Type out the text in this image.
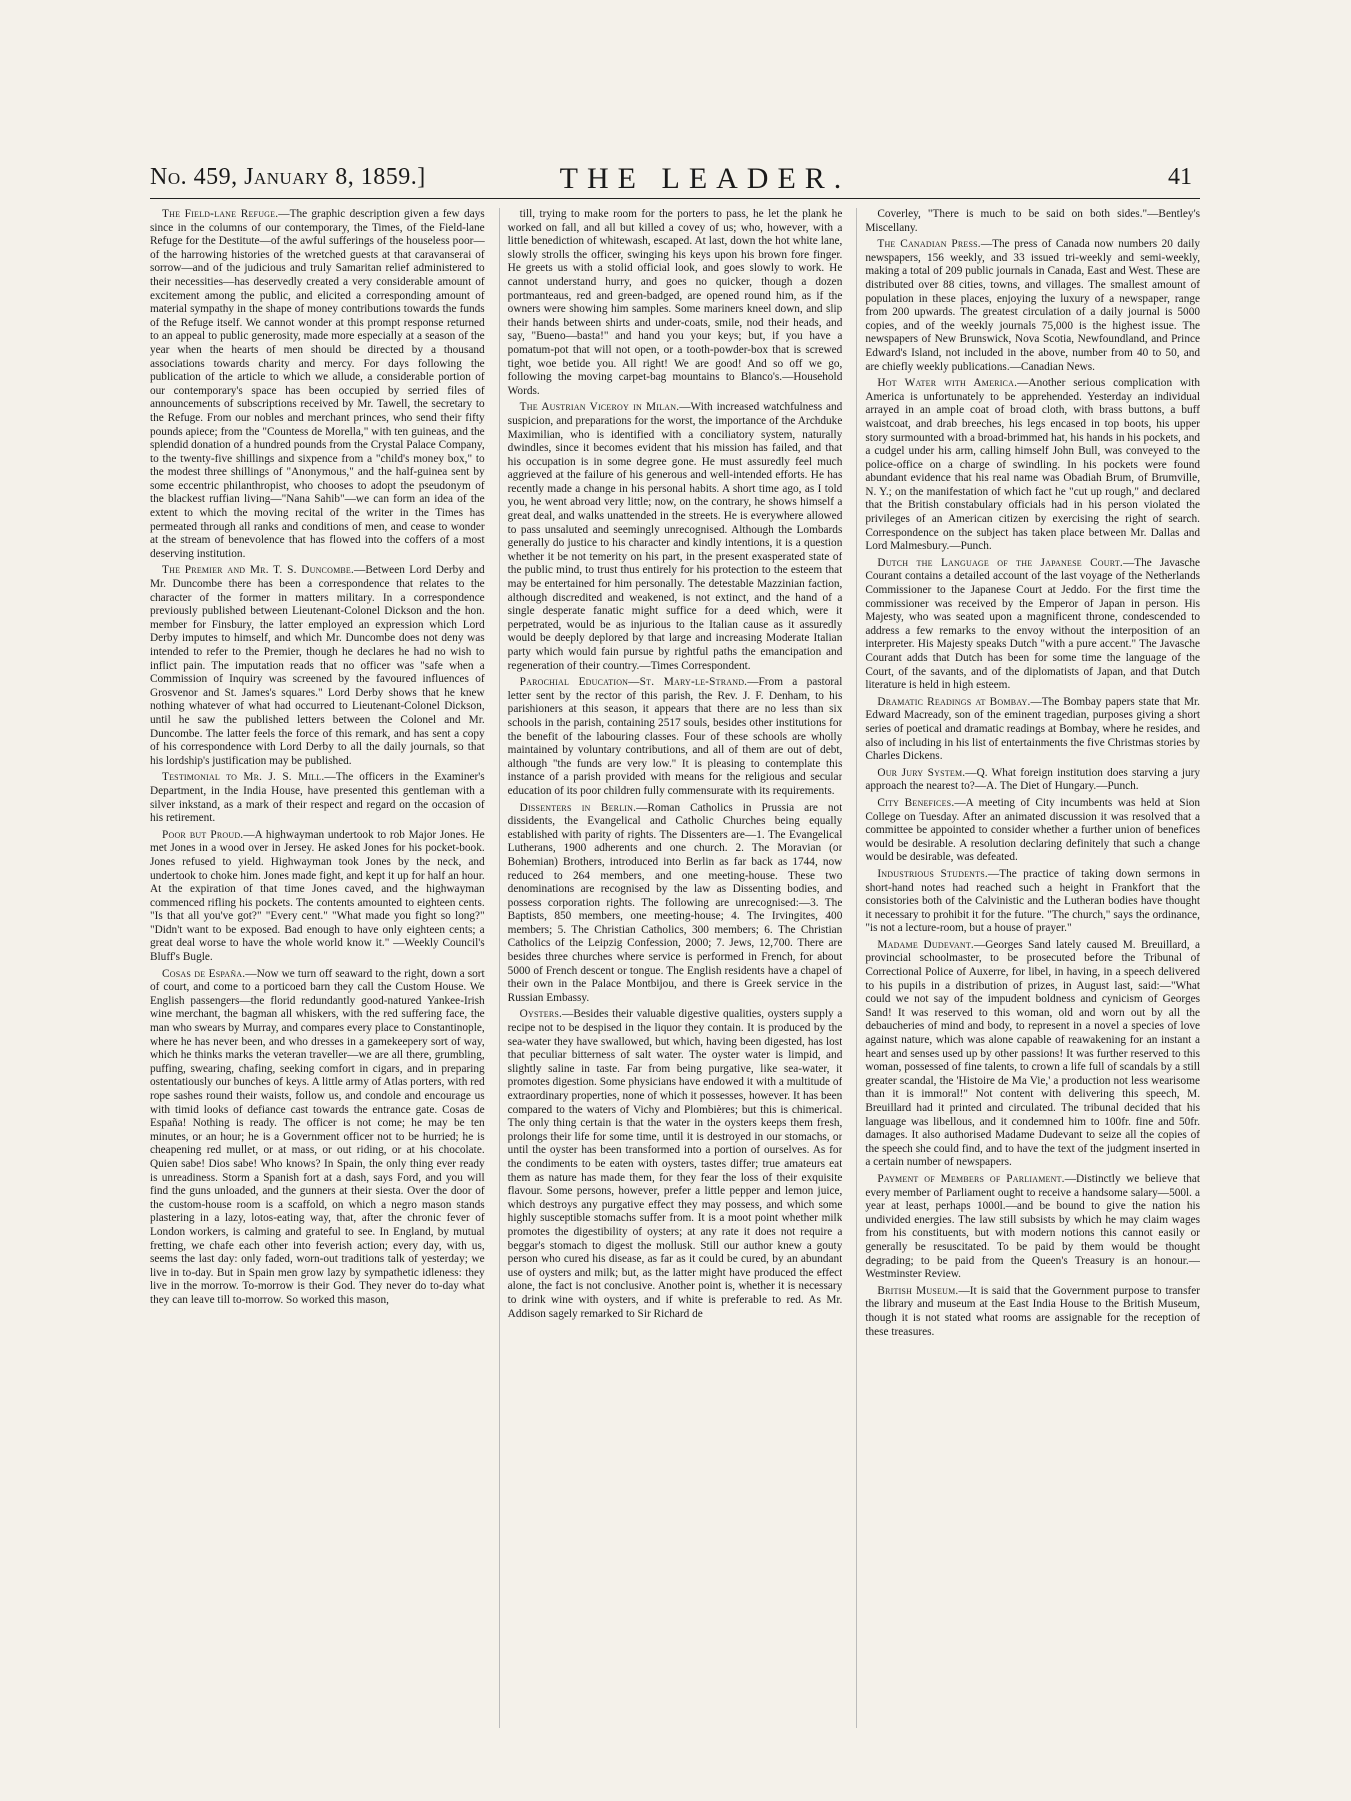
No. 459, January 8, 1859.]	THE LEADER.	41

The Field-lane Refuge.—The graphic description given a few days since in the columns of our contemporary, the Times, of the Field-lane Refuge for the Destitute—of the awful sufferings of the houseless poor—of the harrowing histories of the wretched guests at that caravanserai of sorrow—and of the judicious and truly Samaritan relief administered to their necessities—has deservedly created a very considerable amount of excitement among the public, and elicited a corresponding amount of material sympathy in the shape of money contributions towards the funds of the Refuge itself. We cannot wonder at this prompt response returned to an appeal to public generosity, made more especially at a season of the year when the hearts of men should be directed by a thousand associations towards charity and mercy. For days following the publication of the article to which we allude, a considerable portion of our contemporary's space has been occupied by serried files of announcements of subscriptions received by Mr. Tawell, the secretary to the Refuge. From our nobles and merchant princes, who send their fifty pounds apiece; from the "Countess de Morella," with ten guineas, and the splendid donation of a hundred pounds from the Crystal Palace Company, to the twenty-five shillings and sixpence from a "child's money box," to the modest three shillings of "Anonymous," and the half-guinea sent by some eccentric philanthropist, who chooses to adopt the pseudonym of the blackest ruffian living—"Nana Sahib"—we can form an idea of the extent to which the moving recital of the writer in the Times has permeated through all ranks and conditions of men, and cease to wonder at the stream of benevolence that has flowed into the coffers of a most deserving institution.

The Premier and Mr. T. S. Duncombe.—Between Lord Derby and Mr. Duncombe there has been a correspondence that relates to the character of the former in matters military. In a correspondence previously published between Lieutenant-Colonel Dickson and the hon. member for Finsbury, the latter employed an expression which Lord Derby imputes to himself, and which Mr. Duncombe does not deny was intended to refer to the Premier, though he declares he had no wish to inflict pain. The imputation reads that no officer was "safe when a Commission of Inquiry was screened by the favoured influences of Grosvenor and St. James's squares." Lord Derby shows that he knew nothing whatever of what had occurred to Lieutenant-Colonel Dickson, until he saw the published letters between the Colonel and Mr. Duncombe. The latter feels the force of this remark, and has sent a copy of his correspondence with Lord Derby to all the daily journals, so that his lordship's justification may be published.

Testimonial to Mr. J. S. Mill.—The officers in the Examiner's Department, in the India House, have presented this gentleman with a silver inkstand, as a mark of their respect and regard on the occasion of his retirement.

Poor but Proud.—A highwayman undertook to rob Major Jones. He met Jones in a wood over in Jersey. He asked Jones for his pocket-book. Jones refused to yield. Highwayman took Jones by the neck, and undertook to choke him. Jones made fight, and kept it up for half an hour. At the expiration of that time Jones caved, and the highwayman commenced rifling his pockets. The contents amounted to eighteen cents. "Is that all you've got?" "Every cent." "What made you fight so long?" "Didn't want to be exposed. Bad enough to have only eighteen cents; a great deal worse to have the whole world know it." —Weekly Council's Bluff's Bugle.

Cosas de España.—Now we turn off seaward to the right, down a sort of court, and come to a porticoed barn they call the Custom House. We English passengers—the florid redundantly good-natured Yankee-Irish wine merchant, the bagman all whiskers, with the red suffering face, the man who swears by Murray, and compares every place to Constantinople, where he has never been, and who dresses in a gamekeepery sort of way, which he thinks marks the veteran traveller—we are all there, grumbling, puffing, swearing, chafing, seeking comfort in cigars, and in preparing ostentatiously our bunches of keys. A little army of Atlas porters, with red rope sashes round their waists, follow us, and condole and encourage us with timid looks of defiance cast towards the entrance gate. Cosas de España! Nothing is ready. The officer is not come; he may be ten minutes, or an hour; he is a Government officer not to be hurried; he is cheapening red mullet, or at mass, or out riding, or at his chocolate. Quien sabe! Dios sabe! Who knows? In Spain, the only thing ever ready is unreadiness. Storm a Spanish fort at a dash, says Ford, and you will find the guns unloaded, and the gunners at their siesta. Over the door of the custom-house room is a scaffold, on which a negro mason stands plastering in a lazy, lotos-eating way, that, after the chronic fever of London workers, is calming and grateful to see. In England, by mutual fretting, we chafe each other into feverish action; every day, with us, seems the last day: only faded, worn-out traditions talk of yesterday; we live in to-day. But in Spain men grow lazy by sympathetic idleness: they live in the morrow. To-morrow is their God. They never do to-day what they can leave till to-morrow. So worked this mason,

till, trying to make room for the porters to pass, he let the plank he worked on fall, and all but killed a covey of us; who, however, with a little benediction of whitewash, escaped. At last, down the hot white lane, slowly strolls the officer, swinging his keys upon his brown fore finger. He greets us with a stolid official look, and goes slowly to work. He cannot understand hurry, and goes no quicker, though a dozen portmanteaus, red and green-badged, are opened round him, as if the owners were showing him samples. Some mariners kneel down, and slip their hands between shirts and under-coats, smile, nod their heads, and say, "Bueno—basta!" and hand you your keys; but, if you have a pomatum-pot that will not open, or a tooth-powder-box that is screwed tight, woe betide you. All right! We are good! And so off we go, following the moving carpet-bag mountains to Blanco's.—Household Words.

The Austrian Viceroy in Milan.—With increased watchfulness and suspicion, and preparations for the worst, the importance of the Archduke Maximilian, who is identified with a conciliatory system, naturally dwindles, since it becomes evident that his mission has failed, and that his occupation is in some degree gone. He must assuredly feel much aggrieved at the failure of his generous and well-intended efforts. He has recently made a change in his personal habits. A short time ago, as I told you, he went abroad very little; now, on the contrary, he shows himself a great deal, and walks unattended in the streets. He is everywhere allowed to pass unsaluted and seemingly unrecognised. Although the Lombards generally do justice to his character and kindly intentions, it is a question whether it be not temerity on his part, in the present exasperated state of the public mind, to trust thus entirely for his protection to the esteem that may be entertained for him personally. The detestable Mazzinian faction, although discredited and weakened, is not extinct, and the hand of a single desperate fanatic might suffice for a deed which, were it perpetrated, would be as injurious to the Italian cause as it assuredly would be deeply deplored by that large and increasing Moderate Italian party which would fain pursue by rightful paths the emancipation and regeneration of their country.—Times Correspondent.

Parochial Education—St. Mary-le-Strand.—From a pastoral letter sent by the rector of this parish, the Rev. J. F. Denham, to his parishioners at this season, it appears that there are no less than six schools in the parish, containing 2517 souls, besides other institutions for the benefit of the labouring classes. Four of these schools are wholly maintained by voluntary contributions, and all of them are out of debt, although "the funds are very low." It is pleasing to contemplate this instance of a parish provided with means for the religious and secular education of its poor children fully commensurate with its requirements.

Dissenters in Berlin.—Roman Catholics in Prussia are not dissidents, the Evangelical and Catholic Churches being equally established with parity of rights. The Dissenters are—1. The Evangelical Lutherans, 1900 adherents and one church. 2. The Moravian (or Bohemian) Brothers, introduced into Berlin as far back as 1744, now reduced to 264 members, and one meeting-house. These two denominations are recognised by the law as Dissenting bodies, and possess corporation rights. The following are unrecognised:—3. The Baptists, 850 members, one meeting-house; 4. The Irvingites, 400 members; 5. The Christian Catholics, 300 members; 6. The Christian Catholics of the Leipzig Confession, 2000; 7. Jews, 12,700. There are besides three churches where service is performed in French, for about 5000 of French descent or tongue. The English residents have a chapel of their own in the Palace Montbijou, and there is Greek service in the Russian Embassy.

Oysters.—Besides their valuable digestive qualities, oysters supply a recipe not to be despised in the liquor they contain. It is produced by the sea-water they have swallowed, but which, having been digested, has lost that peculiar bitterness of salt water. The oyster water is limpid, and slightly saline in taste. Far from being purgative, like sea-water, it promotes digestion. Some physicians have endowed it with a multitude of extraordinary properties, none of which it possesses, however. It has been compared to the waters of Vichy and Plombières; but this is chimerical. The only thing certain is that the water in the oysters keeps them fresh, prolongs their life for some time, until it is destroyed in our stomachs, or until the oyster has been transformed into a portion of ourselves. As for the condiments to be eaten with oysters, tastes differ; true amateurs eat them as nature has made them, for they fear the loss of their exquisite flavour. Some persons, however, prefer a little pepper and lemon juice, which destroys any purgative effect they may possess, and which some highly susceptible stomachs suffer from. It is a moot point whether milk promotes the digestibility of oysters; at any rate it does not require a beggar's stomach to digest the mollusk. Still our author knew a gouty person who cured his disease, as far as it could be cured, by an abundant use of oysters and milk; but, as the latter might have produced the effect alone, the fact is not conclusive. Another point is, whether it is necessary to drink wine with oysters, and if white is preferable to red. As Mr. Addison sagely remarked to Sir Richard de

Coverley, "There is much to be said on both sides."—Bentley's Miscellany.

The Canadian Press.—The press of Canada now numbers 20 daily newspapers, 156 weekly, and 33 issued tri-weekly and semi-weekly, making a total of 209 public journals in Canada, East and West. These are distributed over 88 cities, towns, and villages. The smallest amount of population in these places, enjoying the luxury of a newspaper, range from 200 upwards. The greatest circulation of a daily journal is 5000 copies, and of the weekly journals 75,000 is the highest issue. The newspapers of New Brunswick, Nova Scotia, Newfoundland, and Prince Edward's Island, not included in the above, number from 40 to 50, and are chiefly weekly publications.—Canadian News.

Hot Water with America.—Another serious complication with America is unfortunately to be apprehended. Yesterday an individual arrayed in an ample coat of broad cloth, with brass buttons, a buff waistcoat, and drab breeches, his legs encased in top boots, his upper story surmounted with a broad-brimmed hat, his hands in his pockets, and a cudgel under his arm, calling himself John Bull, was conveyed to the police-office on a charge of swindling. In his pockets were found abundant evidence that his real name was Obadiah Brum, of Brumville, N. Y.; on the manifestation of which fact he "cut up rough," and declared that the British constabulary officials had in his person violated the privileges of an American citizen by exercising the right of search. Correspondence on the subject has taken place between Mr. Dallas and Lord Malmesbury.—Punch.

Dutch the Language of the Japanese Court.—The Javasche Courant contains a detailed account of the last voyage of the Netherlands Commissioner to the Japanese Court at Jeddo. For the first time the commissioner was received by the Emperor of Japan in person. His Majesty, who was seated upon a magnificent throne, condescended to address a few remarks to the envoy without the interposition of an interpreter. His Majesty speaks Dutch "with a pure accent." The Javasche Courant adds that Dutch has been for some time the language of the Court, of the savants, and of the diplomatists of Japan, and that Dutch literature is held in high esteem.

Dramatic Readings at Bombay.—The Bombay papers state that Mr. Edward Macready, son of the eminent tragedian, purposes giving a short series of poetical and dramatic readings at Bombay, where he resides, and also of including in his list of entertainments the five Christmas stories by Charles Dickens.

Our Jury System.—Q. What foreign institution does starving a jury approach the nearest to?—A. The Diet of Hungary.—Punch.

City Benefices.—A meeting of City incumbents was held at Sion College on Tuesday. After an animated discussion it was resolved that a committee be appointed to consider whether a further union of benefices would be desirable. A resolution declaring definitely that such a change would be desirable, was defeated.

Industrious Students.—The practice of taking down sermons in short-hand notes had reached such a height in Frankfort that the consistories both of the Calvinistic and the Lutheran bodies have thought it necessary to prohibit it for the future. "The church," says the ordinance, "is not a lecture-room, but a house of prayer."

Madame Dudevant.—Georges Sand lately caused M. Breuillard, a provincial schoolmaster, to be prosecuted before the Tribunal of Correctional Police of Auxerre, for libel, in having, in a speech delivered to his pupils in a distribution of prizes, in August last, said:—"What could we not say of the impudent boldness and cynicism of Georges Sand! It was reserved to this woman, old and worn out by all the debaucheries of mind and body, to represent in a novel a species of love against nature, which was alone capable of reawakening for an instant a heart and senses used up by other passions! It was further reserved to this woman, possessed of fine talents, to crown a life full of scandals by a still greater scandal, the 'Histoire de Ma Vie,' a production not less wearisome than it is immoral!" Not content with delivering this speech, M. Breuillard had it printed and circulated. The tribunal decided that his language was libellous, and it condemned him to 100fr. fine and 50fr. damages. It also authorised Madame Dudevant to seize all the copies of the speech she could find, and to have the text of the judgment inserted in a certain number of newspapers.

Payment of Members of Parliament.—Distinctly we believe that every member of Parliament ought to receive a handsome salary—500l. a year at least, perhaps 1000l.—and be bound to give the nation his undivided energies. The law still subsists by which he may claim wages from his constituents, but with modern notions this cannot easily or generally be resuscitated. To be paid by them would be thought degrading; to be paid from the Queen's Treasury is an honour.—Westminster Review.

British Museum.—It is said that the Government purpose to transfer the library and museum at the East India House to the British Museum, though it is not stated what rooms are assignable for the reception of these treasures.
